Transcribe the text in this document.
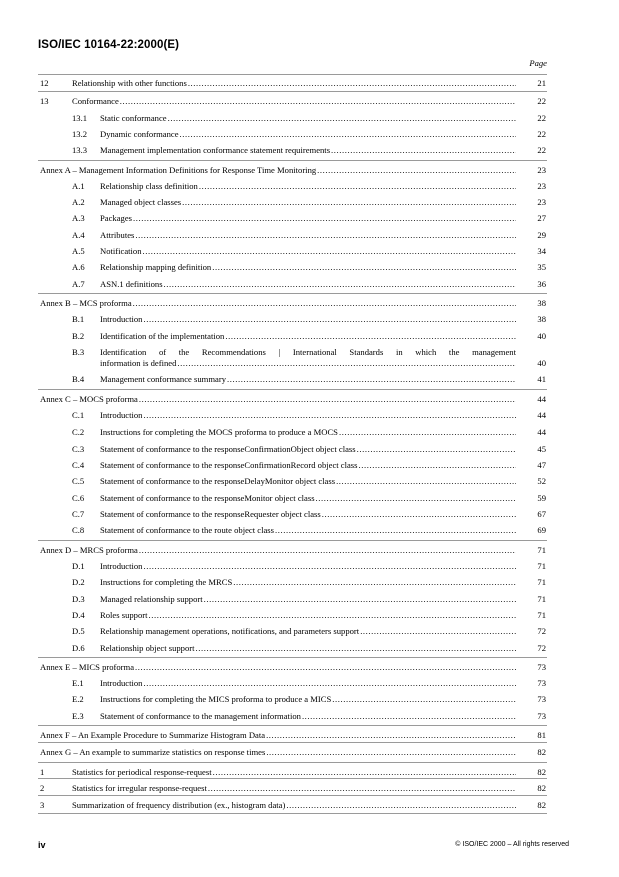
ISO/IEC 10164-22:2000(E)
Page
12	Relationship with other functions .....	21
13	Conformance .....	22
13.1 Static conformance .....	22
13.2 Dynamic conformance .....	22
13.3 Management implementation conformance statement requirements .....	22
Annex A – Management Information Definitions for Response Time Monitoring .....	23
A.1 Relationship class definition .....	23
A.2 Managed object classes .....	23
A.3 Packages .....	27
A.4 Attributes .....	29
A.5 Notification .....	34
A.6 Relationship mapping definition .....	35
A.7 ASN.1 definitions .....	36
Annex B – MCS proforma .....	38
B.1 Introduction .....	38
B.2 Identification of the implementation .....	40
B.3 Identification of the Recommendations | International Standards in which the management
information is defined .....	40
B.4 Management conformance summary .....	41
Annex C – MOCS proforma .....	44
C.1 Introduction .....	44
C.2 Instructions for completing the MOCS proforma to produce a MOCS .....	44
C.3 Statement of conformance to the responseConfirmationObject object class .....	45
C.4 Statement of conformance to the responseConfirmationRecord object class .....	47
C.5 Statement of conformance to the responseDelayMonitor object class .....	52
C.6 Statement of conformance to the responseMonitor object class .....	59
C.7 Statement of conformance to the responseRequester object class .....	67
C.8 Statement of conformance to the route object class .....	69
Annex D – MRCS proforma .....	71
D.1 Introduction .....	71
D.2 Instructions for completing the MRCS .....	71
D.3 Managed relationship support .....	71
D.4 Roles support .....	71
D.5 Relationship management operations, notifications, and parameters support .....	72
D.6 Relationship object support .....	72
Annex E – MICS proforma .....	73
E.1 Introduction .....	73
E.2 Instructions for completing the MICS proforma to produce a MICS .....	73
E.3 Statement of conformance to the management information .....	73
Annex F – An Example Procedure to Summarize Histogram Data .....	81
Annex G – An example to summarize statistics on response times .....	82
1	Statistics for periodical response-request .....	82
2	Statistics for irregular response-request .....	82
3	Summarization of frequency distribution (ex., histogram data) .....	82
iv	© ISO/IEC 2000 – All rights reserved
